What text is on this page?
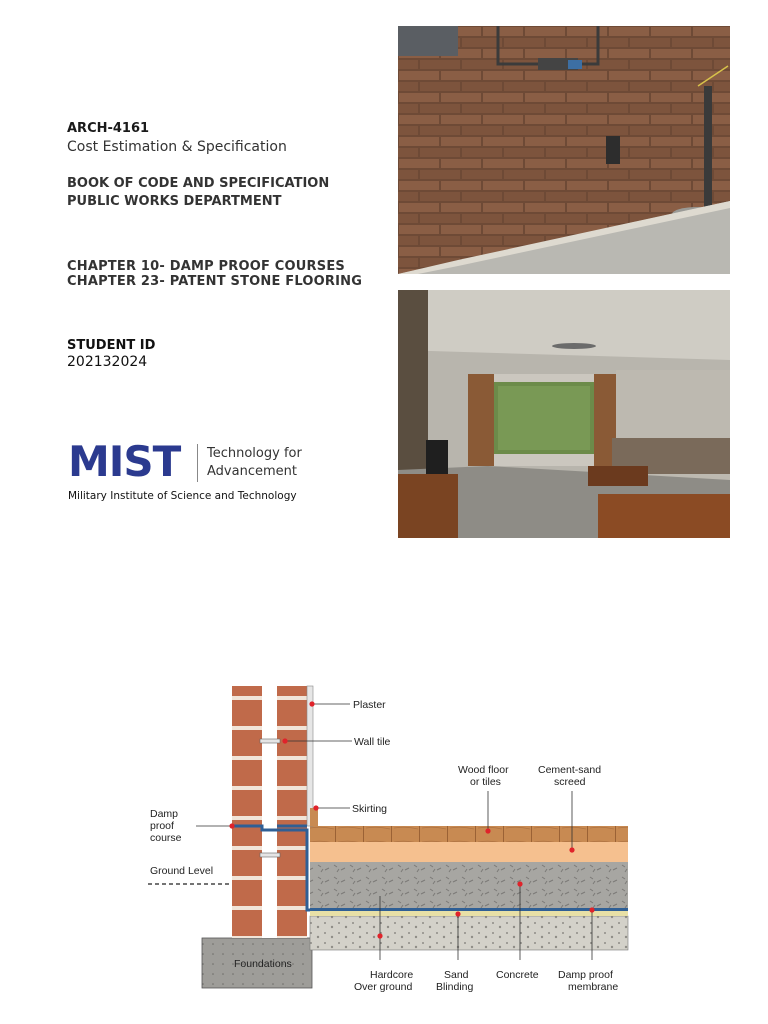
ARCH-4161
Cost Estimation & Specification
BOOK OF CODE AND SPECIFICATION
PUBLIC WORKS DEPARTMENT
CHAPTER 10- DAMP PROOF COURSES
CHAPTER 23- PATENT STONE FLOORING
STUDENT ID
202132024
MIST Technology for
Advancement
Military Institute of Science and Technology
Plaster
Wall tile
Wood floor
or tiles
Cement-sand
screed
Skirting
Damp
proof
course
Ground Level
Foundations
Hardcore
Over ground
Sand
Blinding
Concrete Damp proof
membrane
